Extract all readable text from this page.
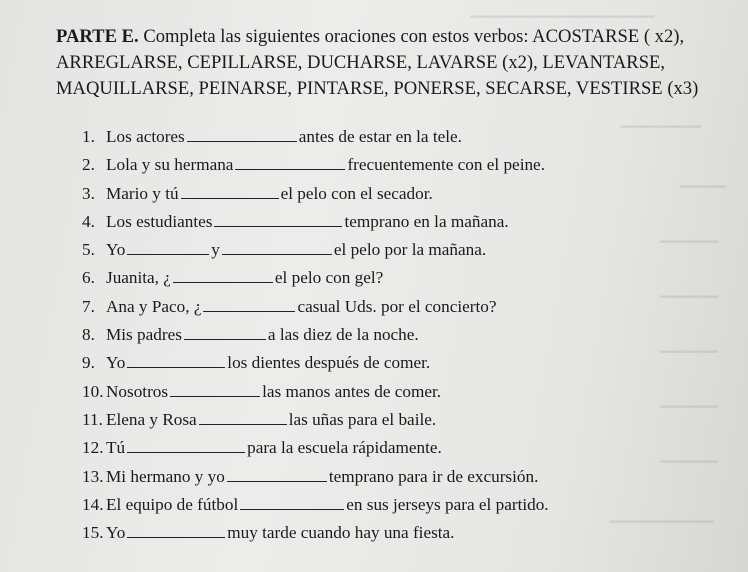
▁▁▁▁▁▁▁▁▁▁▁▁▁▁▁▁
▁▁▁▁▁▁▁
▁▁▁▁
▁▁▁▁▁
▁▁▁▁▁
▁▁▁▁▁
▁▁▁▁▁
▁▁▁▁▁
▁▁▁▁▁▁▁▁▁
PARTE E. Completa las siguientes oraciones con estos verbos: ACOSTARSE ( x2), ARREGLARSE, CEPILLARSE, DUCHARSE, LAVARSE (x2), LEVANTARSE, MAQUILLARSE, PEINARSE, PINTARSE, PONERSE, SECARSE, VESTIRSE (x3)
1. Los actores	antes de estar en la tele.
2. Lola y su hermana	frecuentemente con el peine.
3. Mario y tú	el pelo con el secador.
4. Los estudiantes	temprano en la mañana.
5. Yo	y	el pelo por la mañana.
6. Juanita, ¿	el pelo con gel?
7. Ana y Paco, ¿	casual Uds. por el concierto?
8. Mis padres	a las diez de la noche.
9. Yo	los dientes después de comer.
10. Nosotros	las manos antes de comer.
11. Elena y Rosa	las uñas para el baile.
12. Tú	para la escuela rápidamente.
13. Mi hermano y yo	temprano para ir de excursión.
14. El equipo de fútbol	en sus jerseys para el partido.
15. Yo	muy tarde cuando hay una fiesta.
